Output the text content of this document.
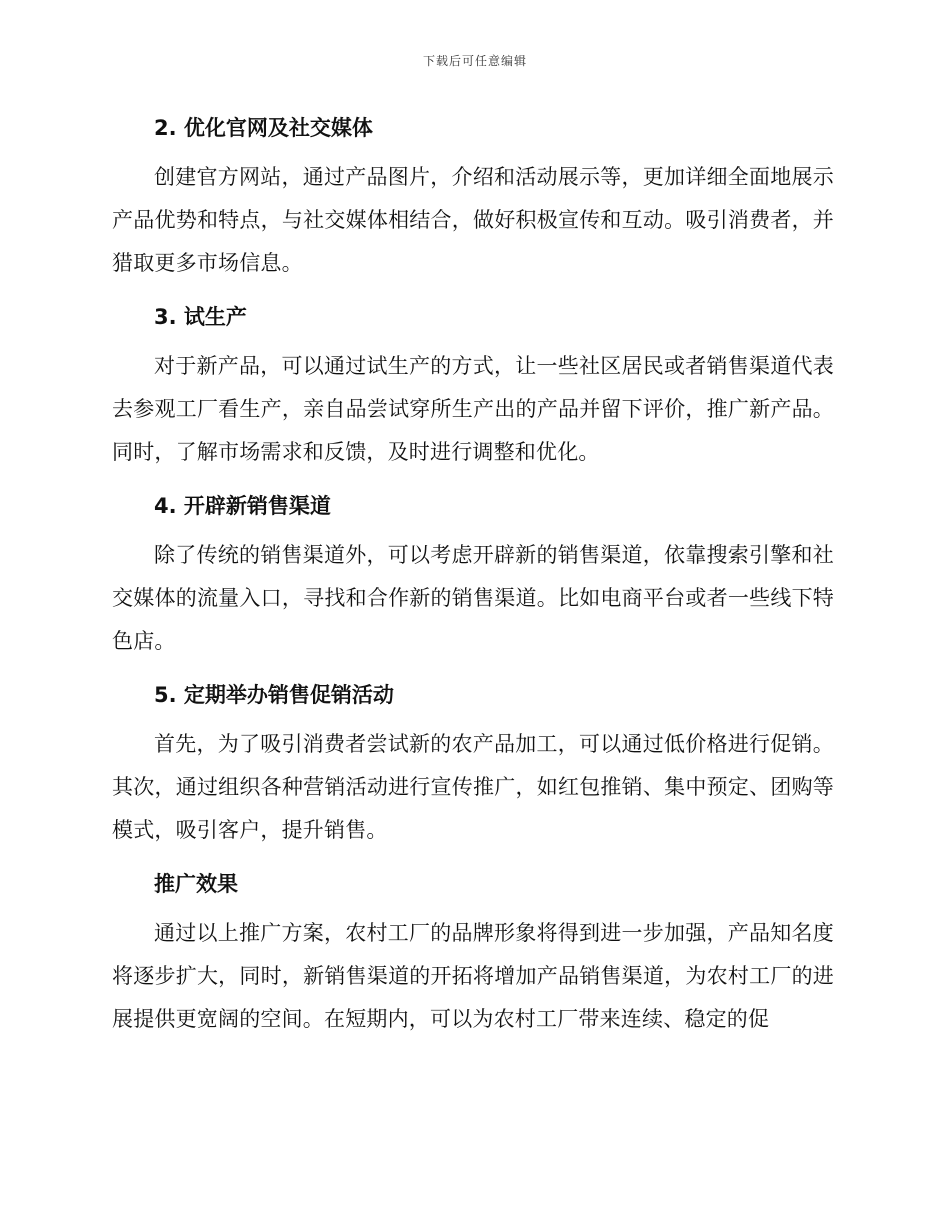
下载后可任意编辑
2. 优化官网及社交媒体

创建官方网站，通过产品图片，介绍和活动展示等，更加详细全面地展示产品优势和特点，与社交媒体相结合，做好积极宣传和互动。吸引消费者，并猎取更多市场信息。

3. 试生产

对于新产品，可以通过试生产的方式，让一些社区居民或者销售渠道代表去参观工厂看生产，亲自品尝试穿所生产出的产品并留下评价，推广新产品。同时，了解市场需求和反馈，及时进行调整和优化。

4. 开辟新销售渠道

除了传统的销售渠道外，可以考虑开辟新的销售渠道，依靠搜索引擎和社交媒体的流量入口，寻找和合作新的销售渠道。比如电商平台或者一些线下特色店。

5. 定期举办销售促销活动

首先，为了吸引消费者尝试新的农产品加工，可以通过低价格进行促销。其次，通过组织各种营销活动进行宣传推广，如红包推销、集中预定、团购等模式，吸引客户，提升销售。

推广效果

通过以上推广方案，农村工厂的品牌形象将得到进一步加强，产品知名度将逐步扩大，同时，新销售渠道的开拓将增加产品销售渠道，为农村工厂的进展提供更宽阔的空间。在短期内，可以为农村工厂带来连续、稳定的促
